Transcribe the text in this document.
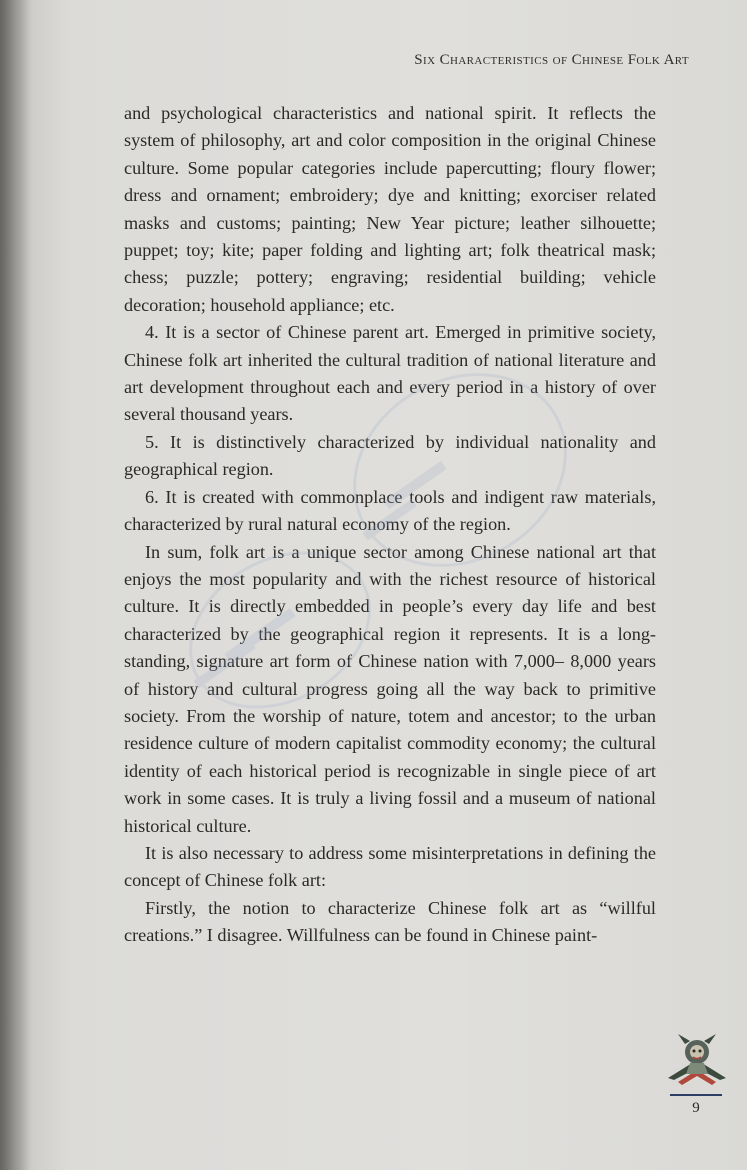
Six Characteristics of Chinese Folk Art

and psychological characteristics and national spirit. It reflects the system of philosophy, art and color composition in the original Chinese culture. Some popular categories include papercutting; floury flower; dress and ornament; embroidery; dye and knitting; exorciser related masks and customs; painting; New Year picture; leather silhouette; puppet; toy; kite; paper folding and lighting art; folk theatrical mask; chess; puzzle; pottery; engraving; residential building; vehicle decoration; household appliance; etc.

4. It is a sector of Chinese parent art. Emerged in primitive society, Chinese folk art inherited the cultural tradition of national literature and art development throughout each and every period in a history of over several thousand years.

5. It is distinctively characterized by individual nationality and geographical region.

6. It is created with commonplace tools and indigent raw materials, characterized by rural natural economy of the region.

In sum, folk art is a unique sector among Chinese national art that enjoys the most popularity and with the richest resource of historical culture. It is directly embedded in people’s every day life and best characterized by the geographical region it represents. It is a long-standing, signature art form of Chinese nation with 7,000– 8,000 years of history and cultural progress going all the way back to primitive society. From the worship of nature, totem and ancestor; to the urban residence culture of modern capitalist commodity economy; the cultural identity of each historical period is recognizable in single piece of art work in some cases. It is truly a living fossil and a museum of national historical culture.

It is also necessary to address some misinterpretations in defining the concept of Chinese folk art:

Firstly, the notion to characterize Chinese folk art as “willful creations.” I disagree. Willfulness can be found in Chinese paint-

9
